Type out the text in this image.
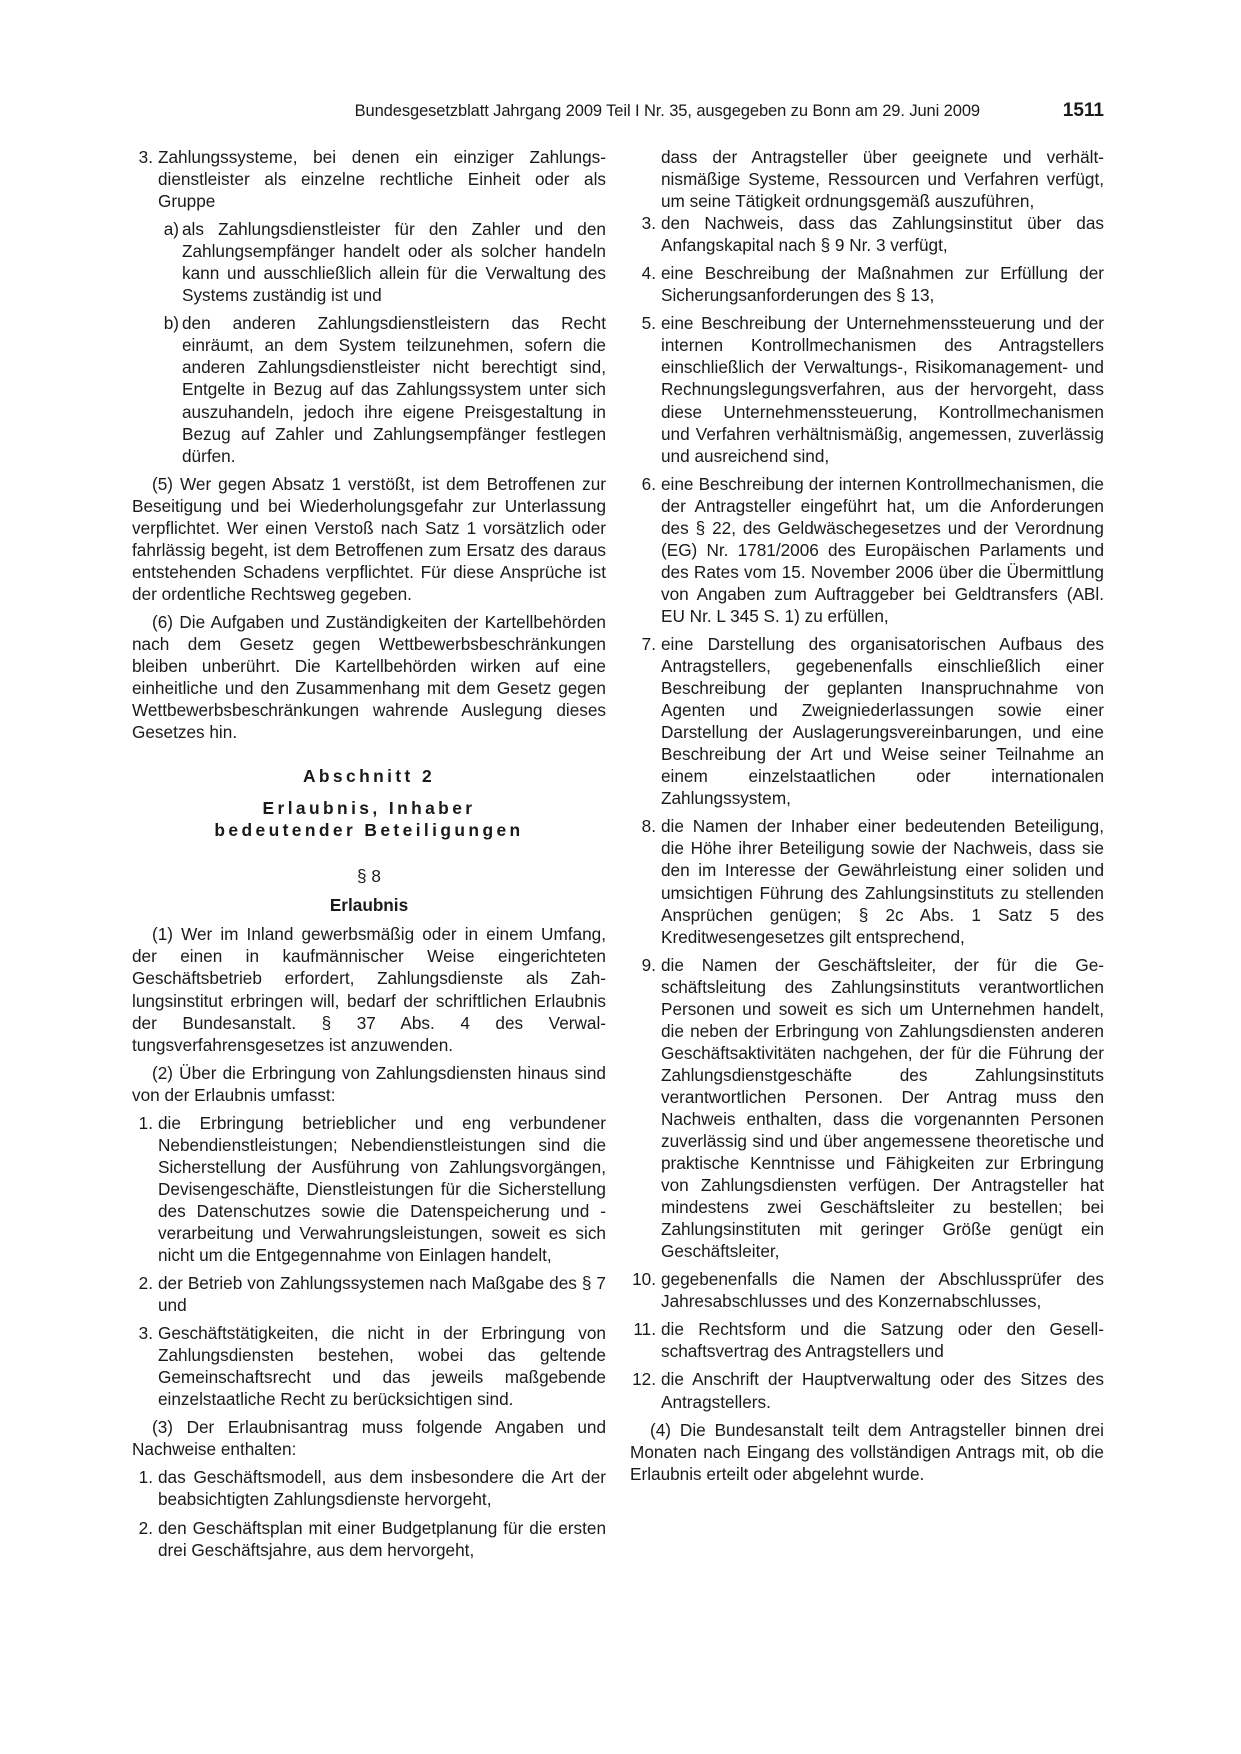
Bundesgesetzblatt Jahrgang 2009 Teil I Nr. 35, ausgegeben zu Bonn am 29. Juni 2009	1511
3. Zahlungssysteme, bei denen ein einziger Zahlungsdienstleister als einzelne rechtliche Einheit oder als Gruppe
a) als Zahlungsdienstleister für den Zahler und den Zahlungsempfänger handelt oder als solcher handeln kann und ausschließlich allein für die Verwaltung des Systems zuständig ist und
b) den anderen Zahlungsdienstleistern das Recht einräumt, an dem System teilzunehmen, sofern die anderen Zahlungsdienstleister nicht berechtigt sind, Entgelte in Bezug auf das Zahlungssystem unter sich auszuhandeln, jedoch ihre eigene Preisgestaltung in Bezug auf Zahler und Zahlungsempfänger festlegen dürfen.

(5) Wer gegen Absatz 1 verstößt, ist dem Betroffenen zur Beseitigung und bei Wiederholungsgefahr zur Unterlassung verpflichtet. Wer einen Verstoß nach Satz 1 vorsätzlich oder fahrlässig begeht, ist dem Betroffenen zum Ersatz des daraus entstehenden Schadens verpflichtet. Für diese Ansprüche ist der ordentliche Rechtsweg gegeben.

(6) Die Aufgaben und Zuständigkeiten der Kartellbehörden nach dem Gesetz gegen Wettbewerbsbeschränkungen bleiben unberührt. Die Kartellbehörden wirken auf eine einheitliche und den Zusammenhang mit dem Gesetz gegen Wettbewerbsbeschränkungen wahrende Auslegung dieses Gesetzes hin.

Abschnitt 2
Erlaubnis, Inhaber
bedeutender Beteiligungen
§ 8
Erlaubnis

(1) Wer im Inland gewerbsmäßig oder in einem Umfang, der einen in kaufmännischer Weise eingerichteten Geschäftsbetrieb erfordert, Zahlungsdienste als Zahlungsinstitut erbringen will, bedarf der schriftlichen Erlaubnis der Bundesanstalt. § 37 Abs. 4 des Verwaltungsverfahrensgesetzes ist anzuwenden.

(2) Über die Erbringung von Zahlungsdiensten hinaus sind von der Erlaubnis umfasst:

1. die Erbringung betrieblicher und eng verbundener Nebendienstleistungen; Nebendienstleistungen sind die Sicherstellung der Ausführung von Zahlungsvorgängen, Devisengeschäfte, Dienstleistungen für die Sicherstellung des Datenschutzes sowie die Datenspeicherung und -verarbeitung und Verwahrungsleistungen, soweit es sich nicht um die Entgegennahme von Einlagen handelt,
2. der Betrieb von Zahlungssystemen nach Maßgabe des § 7 und
3. Geschäftstätigkeiten, die nicht in der Erbringung von Zahlungsdiensten bestehen, wobei das geltende Gemeinschaftsrecht und das jeweils maßgebende einzelstaatliche Recht zu berücksichtigen sind.

(3) Der Erlaubnisantrag muss folgende Angaben und Nachweise enthalten:

1. das Geschäftsmodell, aus dem insbesondere die Art der beabsichtigten Zahlungsdienste hervorgeht,
2. den Geschäftsplan mit einer Budgetplanung für die ersten drei Geschäftsjahre, aus dem hervorgeht,

dass der Antragsteller über geeignete und verhältnismäßige Systeme, Ressourcen und Verfahren verfügt, um seine Tätigkeit ordnungsgemäß auszuführen,

3. den Nachweis, dass das Zahlungsinstitut über das Anfangskapital nach § 9 Nr. 3 verfügt,
4. eine Beschreibung der Maßnahmen zur Erfüllung der Sicherungsanforderungen des § 13,
5. eine Beschreibung der Unternehmenssteuerung und der internen Kontrollmechanismen des Antragstellers einschließlich der Verwaltungs-, Risikomanagement- und Rechnungslegungsverfahren, aus der hervorgeht, dass diese Unternehmenssteuerung, Kontrollmechanismen und Verfahren verhältnismäßig, angemessen, zuverlässig und ausreichend sind,
6. eine Beschreibung der internen Kontrollmechanismen, die der Antragsteller eingeführt hat, um die Anforderungen des § 22, des Geldwäschegesetzes und der Verordnung (EG) Nr. 1781/2006 des Europäischen Parlaments und des Rates vom 15. November 2006 über die Übermittlung von Angaben zum Auftraggeber bei Geldtransfers (ABl. EU Nr. L 345 S. 1) zu erfüllen,
7. eine Darstellung des organisatorischen Aufbaus des Antragstellers, gegebenenfalls einschließlich einer Beschreibung der geplanten Inanspruchnahme von Agenten und Zweigniederlassungen sowie einer Darstellung der Auslagerungsvereinbarungen, und eine Beschreibung der Art und Weise seiner Teilnahme an einem einzelstaatlichen oder internationalen Zahlungssystem,
8. die Namen der Inhaber einer bedeutenden Beteiligung, die Höhe ihrer Beteiligung sowie der Nachweis, dass sie den im Interesse der Gewährleistung einer soliden und umsichtigen Führung des Zahlungsinstituts zu stellenden Ansprüchen genügen; § 2c Abs. 1 Satz 5 des Kreditwesengesetzes gilt entsprechend,
9. die Namen der Geschäftsleiter, der für die Geschäftsleitung des Zahlungsinstituts verantwortlichen Personen und soweit es sich um Unternehmen handelt, die neben der Erbringung von Zahlungsdiensten anderen Geschäftsaktivitäten nachgehen, der für die Führung der Zahlungsdienstgeschäfte des Zahlungsinstituts verantwortlichen Personen. Der Antrag muss den Nachweis enthalten, dass die vorgenannten Personen zuverlässig sind und über angemessene theoretische und praktische Kenntnisse und Fähigkeiten zur Erbringung von Zahlungsdiensten verfügen. Der Antragsteller hat mindestens zwei Geschäftsleiter zu bestellen; bei Zahlungsinstituten mit geringer Größe genügt ein Geschäftsleiter,
10. gegebenenfalls die Namen der Abschlussprüfer des Jahresabschlusses und des Konzernabschlusses,
11. die Rechtsform und die Satzung oder den Gesellschaftsvertrag des Antragstellers und
12. die Anschrift der Hauptverwaltung oder des Sitzes des Antragstellers.

(4) Die Bundesanstalt teilt dem Antragsteller binnen drei Monaten nach Eingang des vollständigen Antrags mit, ob die Erlaubnis erteilt oder abgelehnt wurde.
